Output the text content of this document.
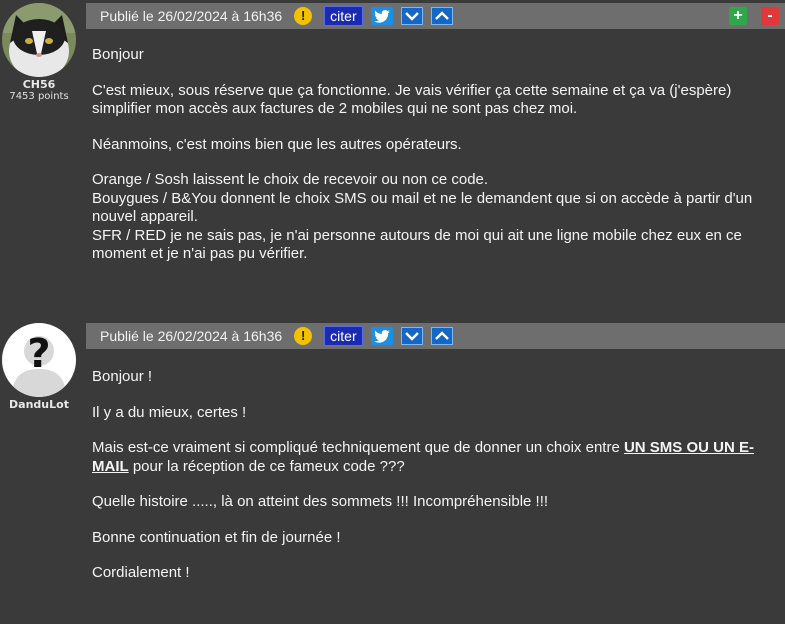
CH56
7453 points
Publié le 26/02/2024 à 16h36	!	citer	+	-

Bonjour

C'est mieux, sous réserve que ça fonctionne. Je vais vérifier ça cette semaine et ça va (j'espère) simplifier mon accès aux factures de 2 mobiles qui ne sont pas chez moi.

Néanmoins, c'est moins bien que les autres opérateurs.

Orange / Sosh laissent le choix de recevoir ou non ce code.
Bouygues / B&You donnent le choix SMS ou mail et ne le demandent que si on accède à partir d'un nouvel appareil.
SFR / RED je ne sais pas, je n'ai personne autours de moi qui ait une ligne mobile chez eux en ce moment et je n'ai pas pu vérifier.

?
DanduLot
Publié le 26/02/2024 à 16h36	!	citer

Bonjour !

Il y a du mieux, certes !

Mais est-ce vraiment si compliqué techniquement que de donner un choix entre UN SMS OU UN E-MAIL pour la réception de ce fameux code ???

Quelle histoire ....., là on atteint des sommets !!! Incompréhensible !!!

Bonne continuation et fin de journée !

Cordialement !
